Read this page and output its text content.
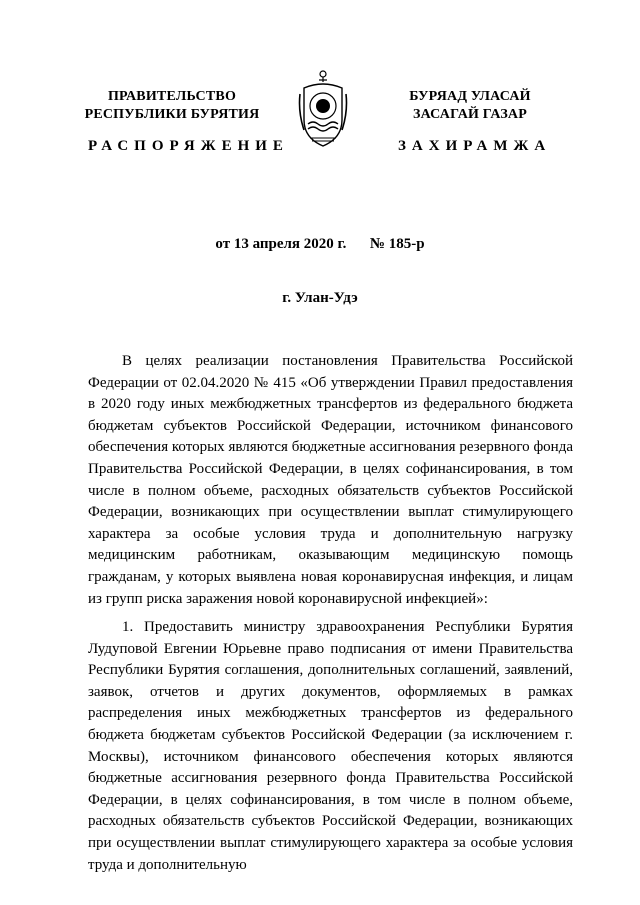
ПРАВИТЕЛЬСТВО
РЕСПУБЛИКИ БУРЯТИЯ
БУРЯАД УЛАСАЙ
ЗАСАГАЙ ГАЗАР
РАСПОРЯЖЕНИЕ	ЗАХИРАМЖА
от 13 апреля 2020 г. № 185-р
г. Улан-Удэ

В целях реализации постановления Правительства Российской Федерации от 02.04.2020 № 415 «Об утверждении Правил предоставления в 2020 году иных межбюджетных трансфертов из федерального бюджета бюджетам субъектов Российской Федерации, источником финансового обеспечения которых являются бюджетные ассигнования резервного фонда Правительства Российской Федерации, в целях софинансирования, в том числе в полном объеме, расходных обязательств субъектов Российской Федерации, возникающих при осуществлении выплат стимулирующего характера за особые условия труда и дополнительную нагрузку медицинским работникам, оказывающим медицинскую помощь гражданам, у которых выявлена новая коронавирусная инфекция, и лицам из групп риска заражения новой коронавирусной инфекцией»:

1. Предоставить министру здравоохранения Республики Бурятия Лудуповой Евгении Юрьевне право подписания от имени Правительства Республики Бурятия соглашения, дополнительных соглашений, заявлений, заявок, отчетов и других документов, оформляемых в рамках распределения иных межбюджетных трансфертов из федерального бюджета бюджетам субъектов Российской Федерации (за исключением г. Москвы), источником финансового обеспечения которых являются бюджетные ассигнования резервного фонда Правительства Российской Федерации, в целях софинансирования, в том числе в полном объеме, расходных обязательств субъектов Российской Федерации, возникающих при осуществлении выплат стимулирующего характера за особые условия труда и дополнительную
